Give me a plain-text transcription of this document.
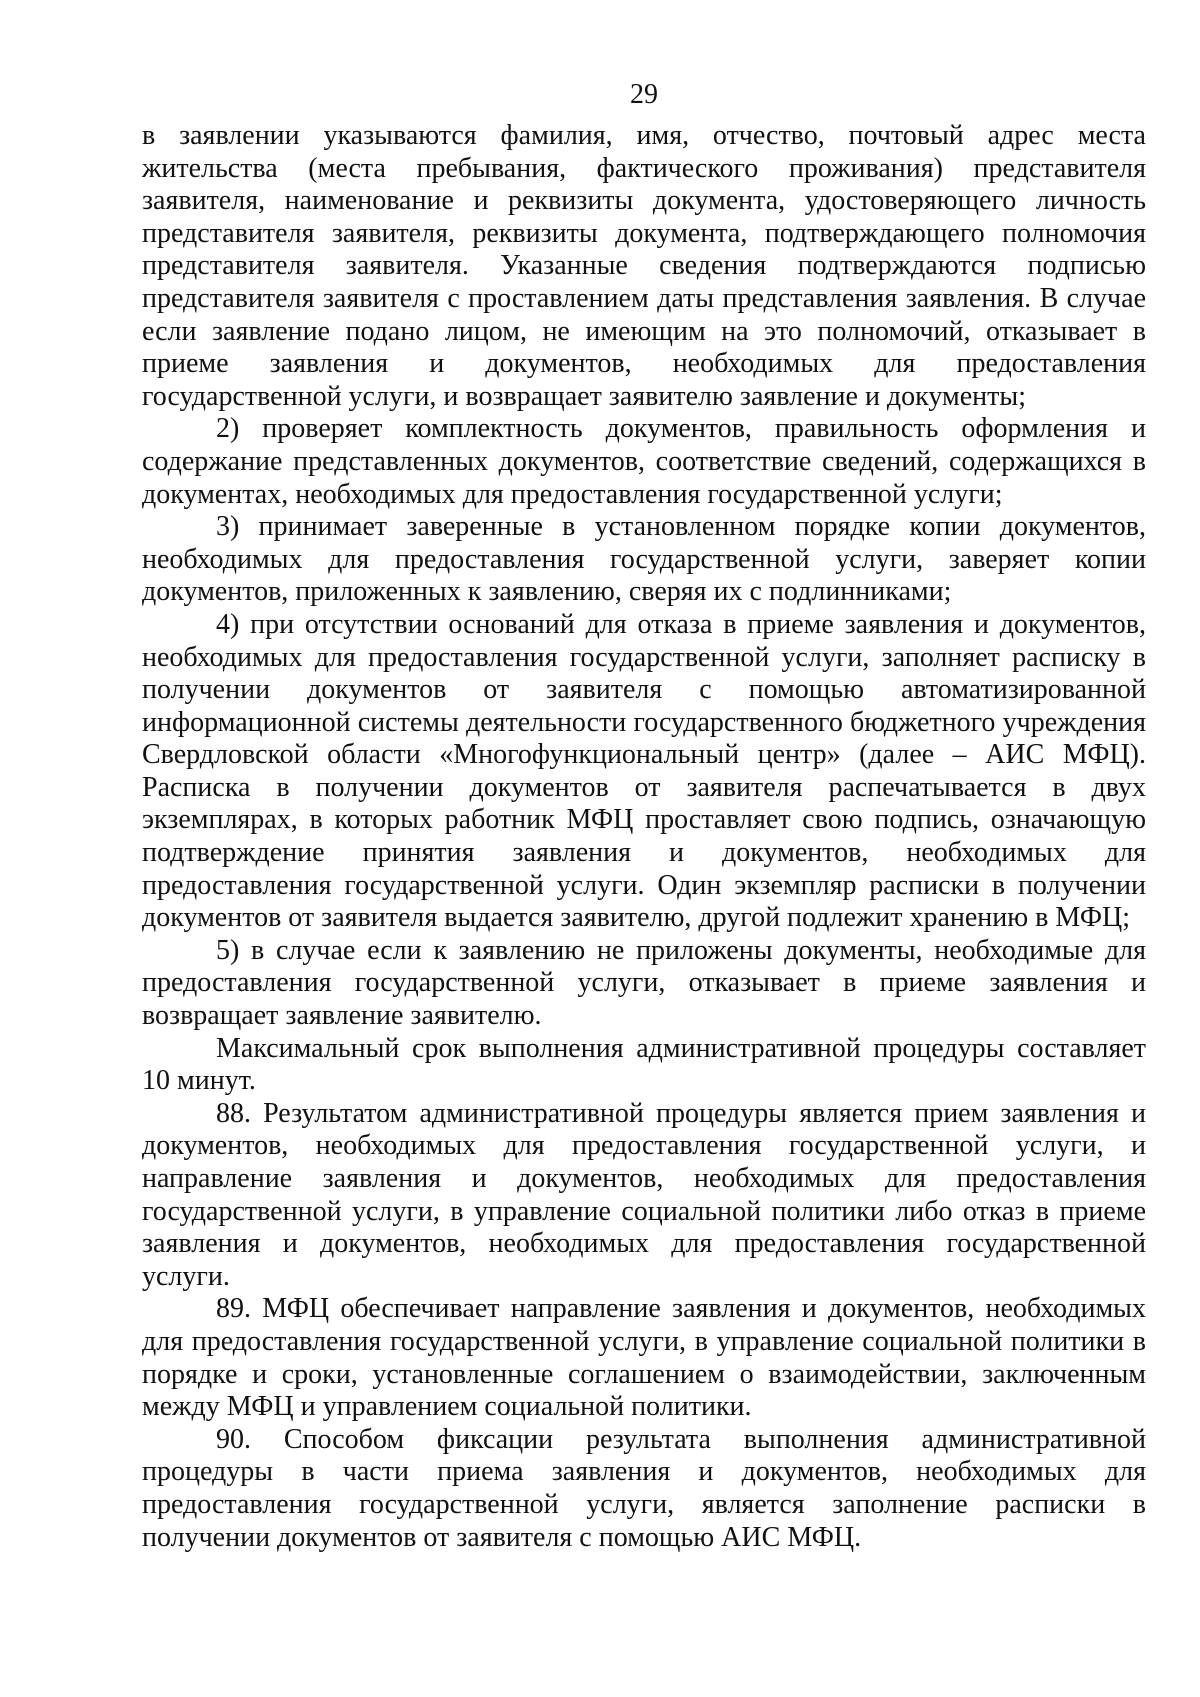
29

в заявлении указываются фамилия, имя, отчество, почтовый адрес места жительства (места пребывания, фактического проживания) представителя заявителя, наименование и реквизиты документа, удостоверяющего личность представителя заявителя, реквизиты документа, подтверждающего полномочия представителя заявителя. Указанные сведения подтверждаются подписью представителя заявителя с проставлением даты представления заявления. В случае если заявление подано лицом, не имеющим на это полномочий, отказывает в приеме заявления и документов, необходимых для предоставления государственной услуги, и возвращает заявителю заявление и документы;

2) проверяет комплектность документов, правильность оформления и содержание представленных документов, соответствие сведений, содержащихся в документах, необходимых для предоставления государственной услуги;

3) принимает заверенные в установленном порядке копии документов, необходимых для предоставления государственной услуги, заверяет копии документов, приложенных к заявлению, сверяя их с подлинниками;

4) при отсутствии оснований для отказа в приеме заявления и документов, необходимых для предоставления государственной услуги, заполняет расписку в получении документов от заявителя с помощью автоматизированной информационной системы деятельности государственного бюджетного учреждения Свердловской области «Многофункциональный центр» (далее – АИС МФЦ). Расписка в получении документов от заявителя распечатывается в двух экземплярах, в которых работник МФЦ проставляет свою подпись, означающую подтверждение принятия заявления и документов, необходимых для предоставления государственной услуги. Один экземпляр расписки в получении документов от заявителя выдается заявителю, другой подлежит хранению в МФЦ;

5) в случае если к заявлению не приложены документы, необходимые для предоставления государственной услуги, отказывает в приеме заявления и возвращает заявление заявителю.

Максимальный срок выполнения административной процедуры составляет 10 минут.

88. Результатом административной процедуры является прием заявления и документов, необходимых для предоставления государственной услуги, и направление заявления и документов, необходимых для предоставления государственной услуги, в управление социальной политики либо отказ в приеме заявления и документов, необходимых для предоставления государственной услуги.

89. МФЦ обеспечивает направление заявления и документов, необходимых для предоставления государственной услуги, в управление социальной политики в порядке и сроки, установленные соглашением о взаимодействии, заключенным между МФЦ и управлением социальной политики.

90. Способом фиксации результата выполнения административной процедуры в части приема заявления и документов, необходимых для предоставления государственной услуги, является заполнение расписки в получении документов от заявителя с помощью АИС МФЦ.
